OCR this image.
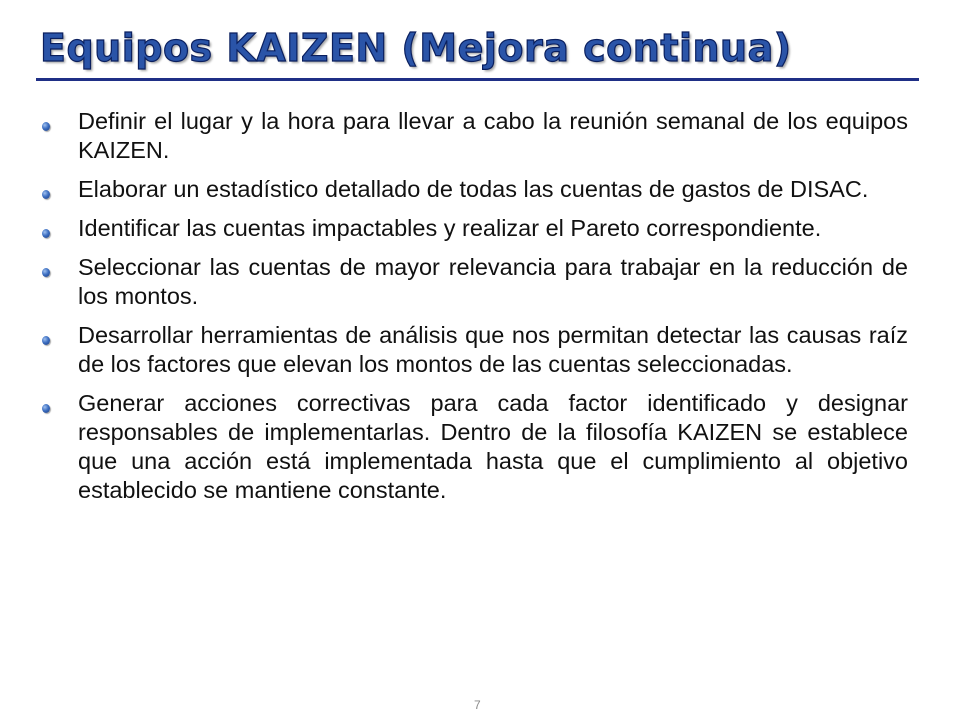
Equipos KAIZEN (Mejora continua)
Definir el lugar y la hora para llevar a cabo la reunión semanal de los equipos KAIZEN.
Elaborar un estadístico detallado de todas las cuentas de gastos de DISAC.
Identificar las cuentas impactables y realizar el Pareto correspondiente.
Seleccionar las cuentas de mayor relevancia para trabajar en la reducción de los montos.
Desarrollar herramientas de análisis que nos permitan detectar las causas raíz de los factores que elevan los montos de las cuentas seleccionadas.
Generar acciones correctivas para cada factor identificado y designar responsables de implementarlas. Dentro de la filosofía KAIZEN se establece que una acción está implementada hasta que el cumplimiento al objetivo establecido se mantiene constante.
7
